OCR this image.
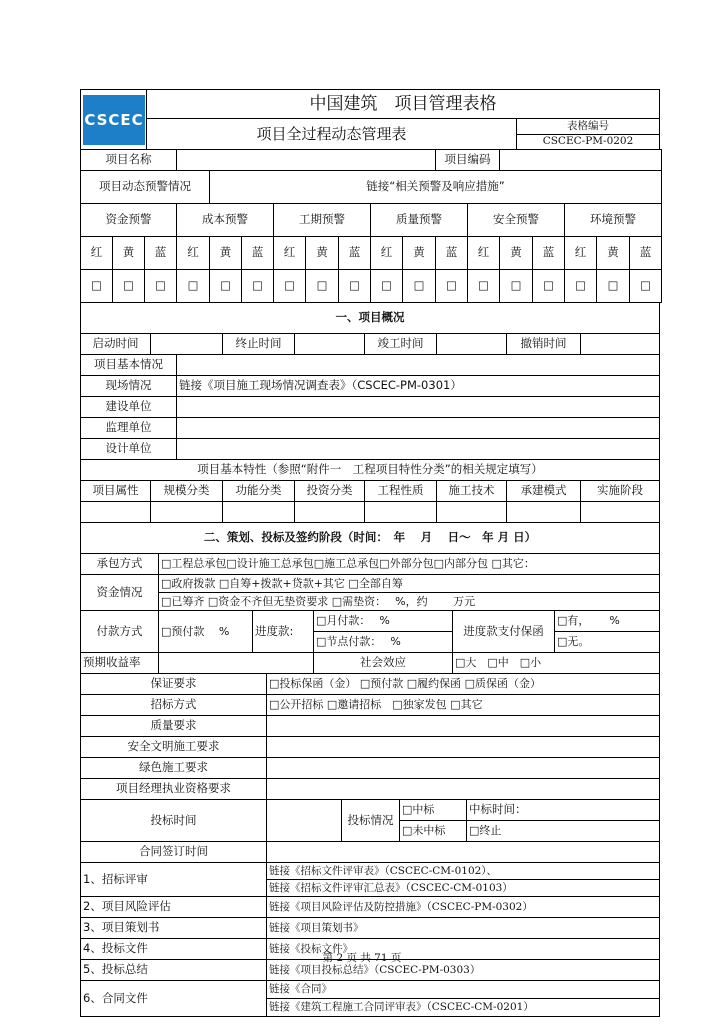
CSCEC	中国建筑　项目管理表格	
	项目全过程动态管理表	表格编号
		CSCEC-PM-0202
项目名称											项目编码						
项目动态预警情况				链接“相关预警及响应措施”													
资金预警			成本预警			工期预警			质量预警			安全预警			环境预警		
红	黄	蓝	红	黄	蓝	红	黄	蓝	红	黄	蓝	红	黄	蓝	红	黄	蓝
□	□	□	□	□	□	□	□	□	□	□	□	□	□	□	□	□	□
一、项目概况								
启动时间			终止时间		竣工时间		撤销时间	
项目基本情况								
现场情况		链接《项目施工现场情况调查表》（CSCEC-PM-0301）						
建设单位								
监理单位								
设计单位								
项目基本特性（参照“附件一　工程项目特性分类”的相关规定填写）								
项目属性	规模分类	功能分类	投资分类	工程性质	施工技术	承建模式	实施阶段

二、策划、投标及签约阶段（时间：　年　 月　 日～　年 月 日）					
承包方式	□工程总承包□设计施工总承包□施工总承包□外部分包□内部分包 □其它：				
资金情况	□政府拨款 □自筹+拨款+贷款+其它 □全部自筹				
	□已筹齐 □资金不齐但无垫资要求 □需垫资：　 %，约　　 万元				
付款方式	□预付款　 %	进度款:	□月付款：　 %	进度款支付保函	□有，　　 %
			□节点付款：　 %		□无。
预期收益率			社会效应	□大　□中　□小	
保证要求	□投标保函（金） □预付款 □履约保函 □质保函（金）			
招标方式	□公开招标 □邀请招标　□独家发包 □其它			
质量要求				
安全文明施工要求				
绿色施工要求				
项目经理执业资格要求				
投标时间		投标情况	□中标	中标时间：
			□未中标	□终止
合同签订时间				
1、招标评审	链接《招标文件评审表》（CSCEC-CM-0102）、
	链接《招标文件评审汇总表》（CSCEC-CM-0103）
2、项目风险评估	链接《项目风险评估及防控措施》（CSCEC-PM-0302）
3、项目策划书	链接《项目策划书》
4、投标文件	链接《投标文件》
5、投标总结	链接《项目投标总结》（CSCEC-PM-0303）
6、合同文件	链接《合同》
	链接《建筑工程施工合同评审表》（CSCEC-CM-0201）
第 2 页 共 71 页
